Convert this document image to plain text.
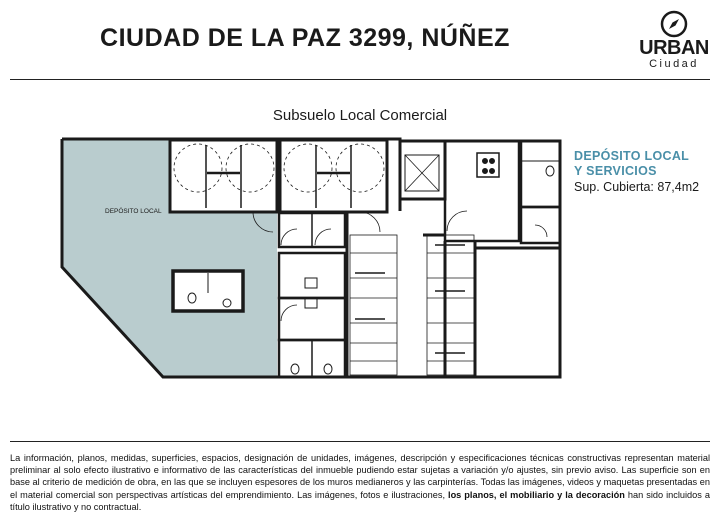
CIUDAD DE LA PAZ 3299, NÚÑEZ	URBAN
Ciudad
Subsuelo Local Comercial
DEPÓSITO LOCAL
DEPÓSITO LOCAL
Y SERVICIOS
Sup. Cubierta: 87,4m2
La información, planos, medidas, superficies, espacios, designación de unidades, imágenes, descripción y especificaciones técnicas constructivas representan material preliminar al solo efecto ilustrativo e informativo de las características del inmueble pudiendo estar sujetas a variación y/o ajustes, sin previo aviso. Las superficie son en base al criterio de medición de obra, en las que se incluyen espesores de los muros medianeros y las carpinterías. Todas las imágenes, videos y maquetas presentadas en el material comercial son perspectivas artísticas del emprendimiento. Las imágenes, fotos e ilustraciones, los planos, el mobiliario y la decoración han sido incluidos a título ilustrativo y no contractual.
